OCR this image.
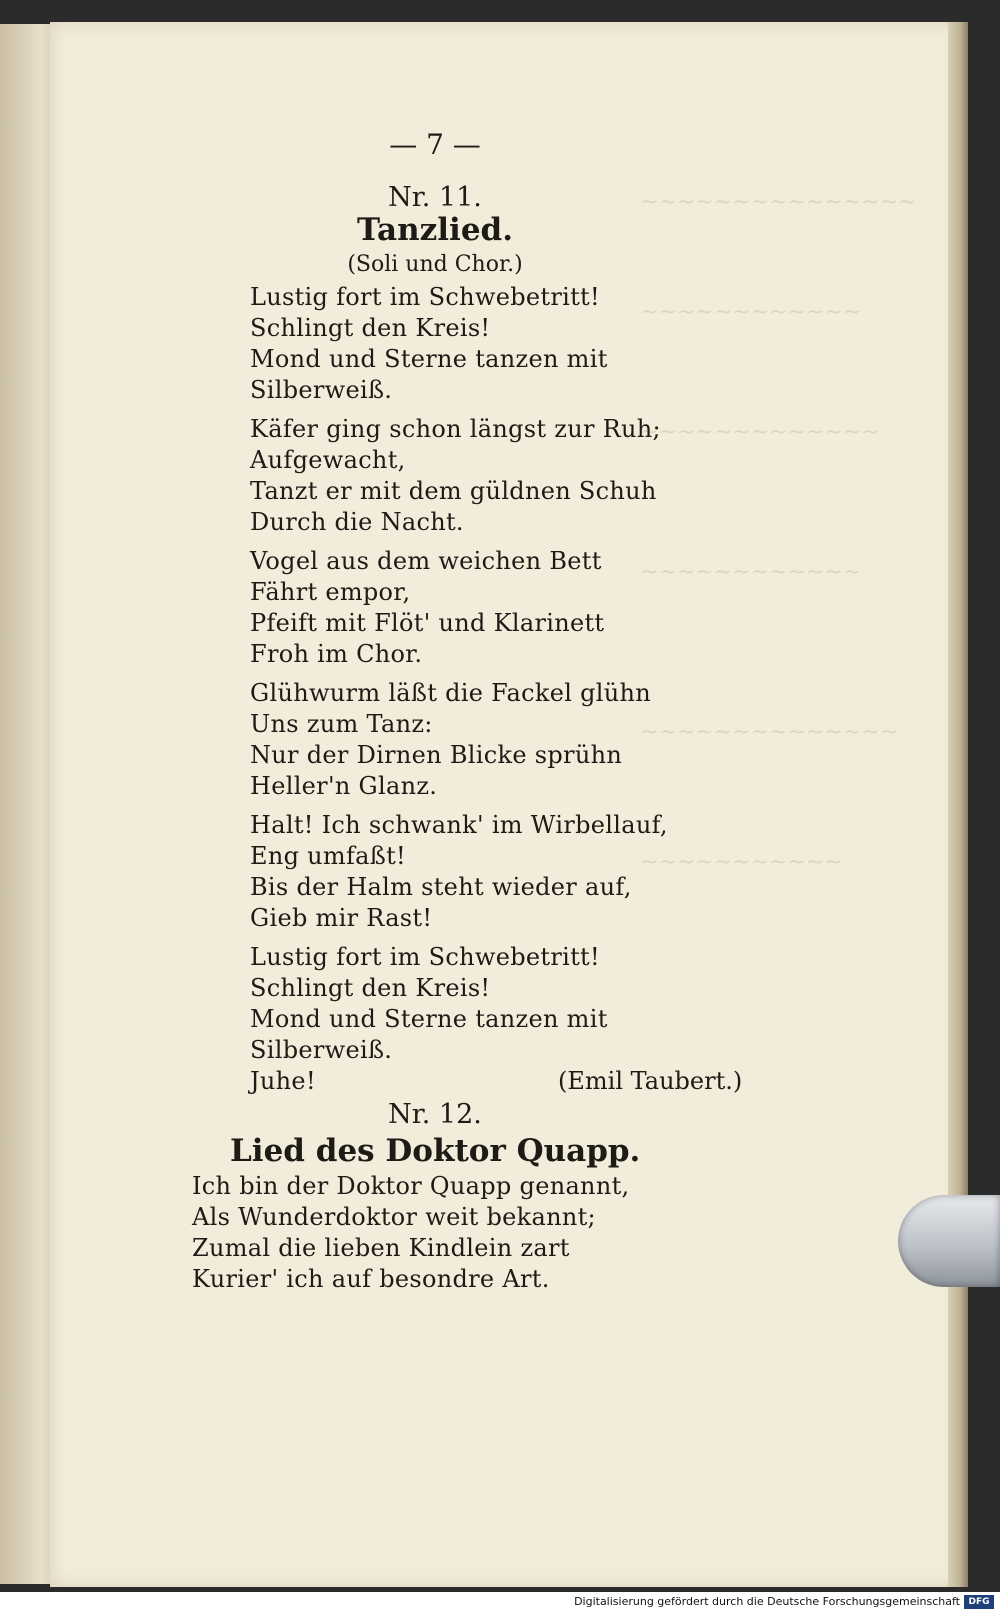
~~~~~~~~~~~~~~~
~~~~~~~~~~~~
~~~~~~~~~~~~~
~~~~~~~~~~~~
~~~~~~~~~~~~~~
~~~~~~~~~~~
— 7 —
Nr. 11.
Tanzlied.
(Soli und Chor.)
Lustig fort im Schwebetritt!
Schlingt den Kreis!
Mond und Sterne tanzen mit
Silberweiß.
Käfer ging schon längst zur Ruh;
Aufgewacht,
Tanzt er mit dem güldnen Schuh
Durch die Nacht.
Vogel aus dem weichen Bett
Fährt empor,
Pfeift mit Flöt' und Klarinett
Froh im Chor.
Glühwurm läßt die Fackel glühn
Uns zum Tanz:
Nur der Dirnen Blicke sprühn
Heller'n Glanz.
Halt! Ich schwank' im Wirbellauf,
Eng umfaßt!
Bis der Halm steht wieder auf,
Gieb mir Rast!
Lustig fort im Schwebetritt!
Schlingt den Kreis!
Mond und Sterne tanzen mit
Silberweiß.
Juhe!	(Emil Taubert.)
Nr. 12.
Lied des Doktor Quapp.
Ich bin der Doktor Quapp genannt,
Als Wunderdoktor weit bekannt;
Zumal die lieben Kindlein zart
Kurier' ich auf besondre Art.
Digitalisierung gefördert durch die Deutsche Forschungsgemeinschaft DFG
